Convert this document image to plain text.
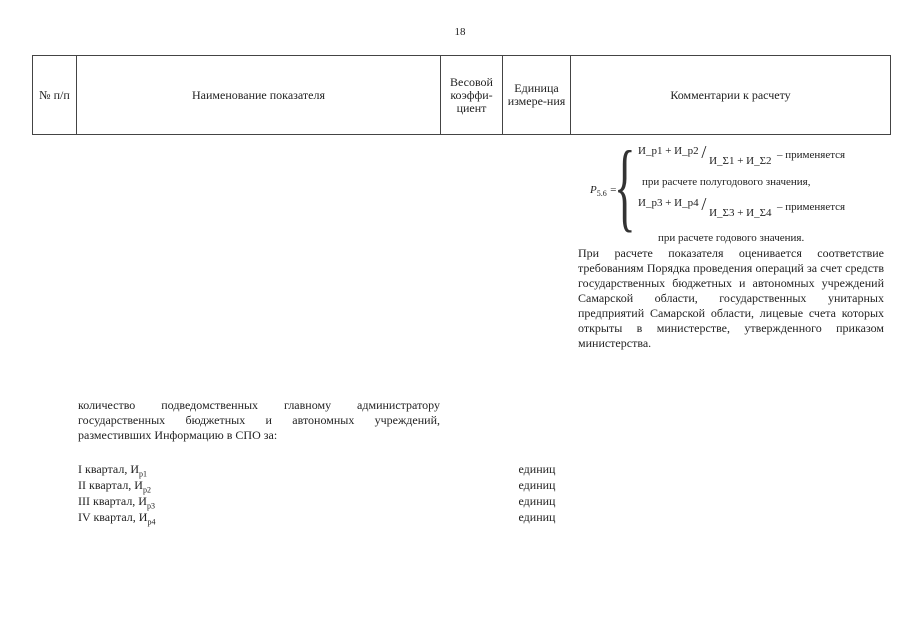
18
№ п/п	Наименование показателя	Весовой коэффи-циент	Единица измере-ния	Комментарии к расчету
$P_{5.6}$ =
{ И_р1 + И_р2 / И_Σ1 + И_Σ2 – применяется
при расчете полугодового значения,
И_р3 + И_р4 / И_Σ3 + И_Σ4 – применяется
при расчете годового значения.
При расчете показателя оценивается соответствие требованиям Порядка проведения операций за счет средств государственных бюджетных и автономных учреждений Самарской области, государственных унитарных предприятий Самарской области, лицевые счета которых открыты в министерстве, утвержденного приказом министерства.
количество подведомственных главному администратору государственных бюджетных и автономных учреждений, разместивших Информацию в СПО за:
I квартал, $И_{р1}$	единиц
II квартал, $И_{р2}$	единиц
III квартал, $И_{р3}$	единиц
IV квартал, $И_{р4}$	единиц
